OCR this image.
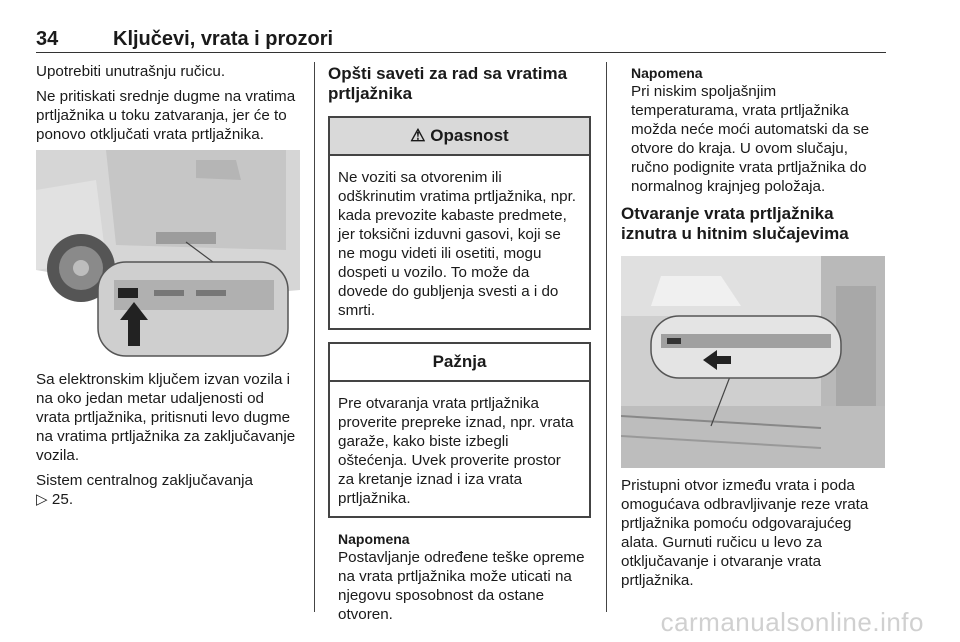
34	Ključevi, vrata i prozori

Upotrebiti unutrašnju ručicu.

Ne pritiskati srednje dugme na vratima prtljažnika u toku zatvaranja, jer će to ponovo otključati vrata prtljažnika.

Sa elektronskim ključem izvan vozila i na oko jedan metar udaljenosti od vrata prtljažnika, pritisnuti levo dugme na vratima prtljažnika za zaključavanje vozila.

Sistem centralnog zaključavanja
▷ 25.

Opšti saveti za rad sa vratima prtljažnika
⚠ Opasnost
Ne voziti sa otvorenim ili odškrinutim vratima prtljažnika, npr. kada prevozite kabaste predmete, jer toksični izduvni gasovi, koji se ne mogu videti ili osetiti, mogu dospeti u vozilo. To može da dovede do gubljenja svesti a i do smrti.
Pažnja
Pre otvaranja vrata prtljažnika proverite prepreke iznad, npr. vrata garaže, kako biste izbegli oštećenja. Uvek proverite prostor za kretanje iznad i iza vrata prtljažnika.
Napomena
Postavljanje određene teške opreme na vrata prtljažnika može uticati na njegovu sposobnost da ostane otvoren.
Napomena
Pri niskim spoljašnjim temperaturama, vrata prtljažnika možda neće moći automatski da se otvore do kraja. U ovom slučaju, ručno podignite vrata prtljažnika do normalnog krajnjeg položaja.
Otvaranje vrata prtljažnika iznutra u hitnim slučajevima

Pristupni otvor između vrata i poda omogućava odbravljivanje reze vrata prtljažnika pomoću odgovarajućeg alata. Gurnuti ručicu u levo za otključavanje i otvaranje vrata prtljažnika.

carmanualsonline.info
